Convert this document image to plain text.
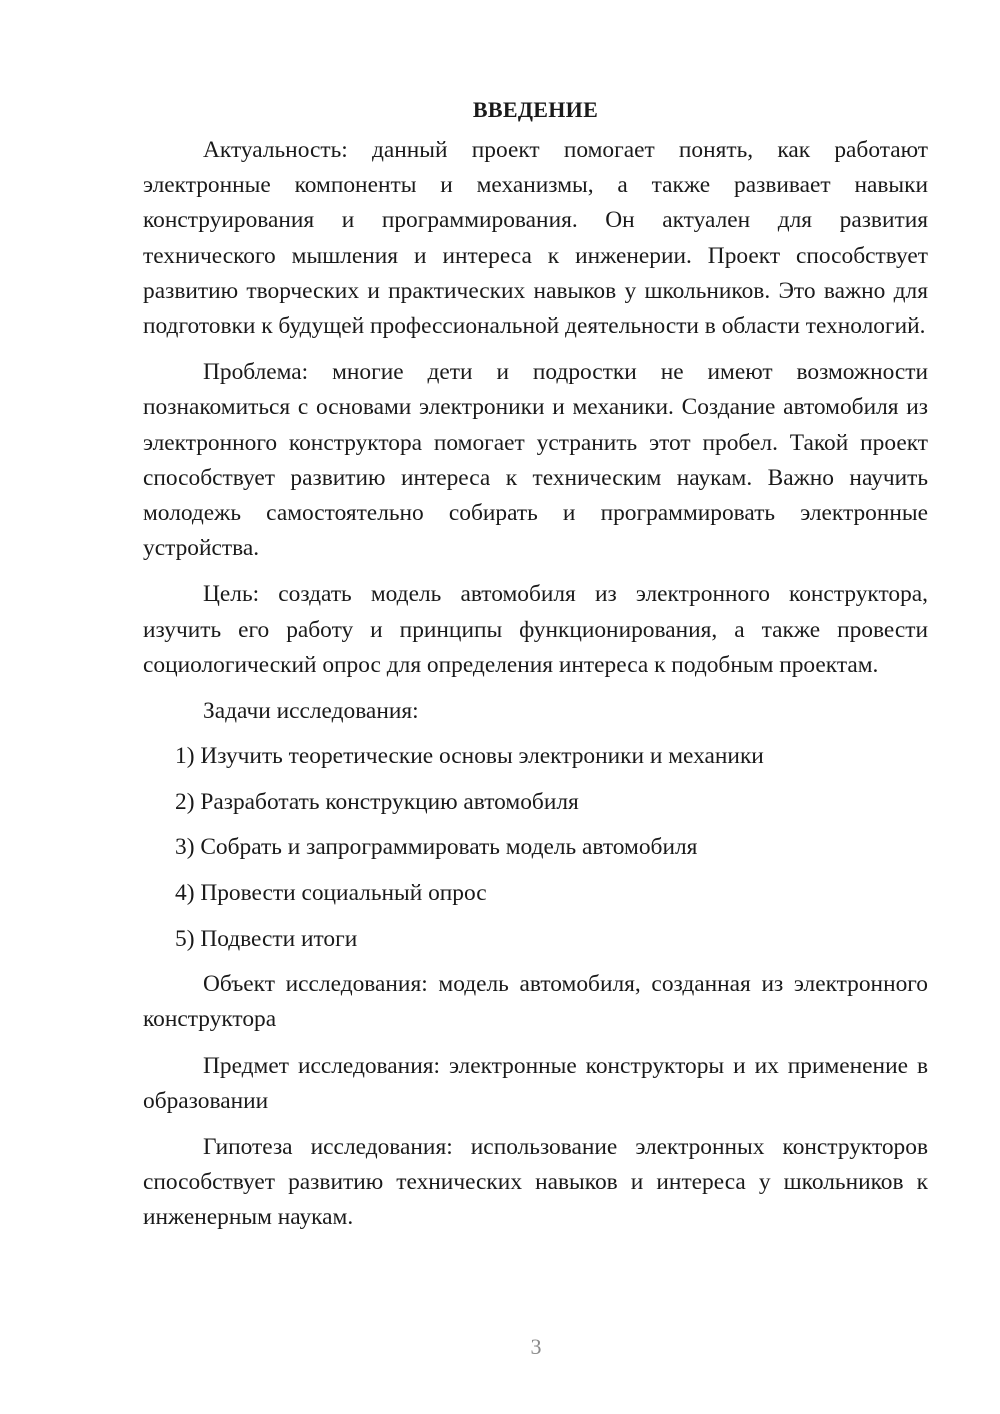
ВВЕДЕНИЕ

Актуальность: данный проект помогает понять, как работают электронные компоненты и механизмы, а также развивает навыки конструирования и программирования. Он актуален для развития технического мышления и интереса к инженерии. Проект способствует развитию творческих и практических навыков у школьников. Это важно для подготовки к будущей профессиональной деятельности в области технологий.

Проблема: многие дети и подростки не имеют возможности познакомиться с основами электроники и механики. Создание автомобиля из электронного конструктора помогает устранить этот пробел. Такой проект способствует развитию интереса к техническим наукам. Важно научить молодежь самостоятельно собирать и программировать электронные устройства.

Цель: создать модель автомобиля из электронного конструктора, изучить его работу и принципы функционирования, а также провести социологический опрос для определения интереса к подобным проектам.

Задачи исследования:

1) Изучить теоретические основы электроники и механики
2) Разработать конструкцию автомобиля
3) Собрать и запрограммировать модель автомобиля
4) Провести социальный опрос
5) Подвести итоги

Объект исследования: модель автомобиля, созданная из электронного конструктора

Предмет исследования: электронные конструкторы и их применение в образовании

Гипотеза исследования: использование электронных конструкторов способствует развитию технических навыков и интереса у школьников к инженерным наукам.

3
